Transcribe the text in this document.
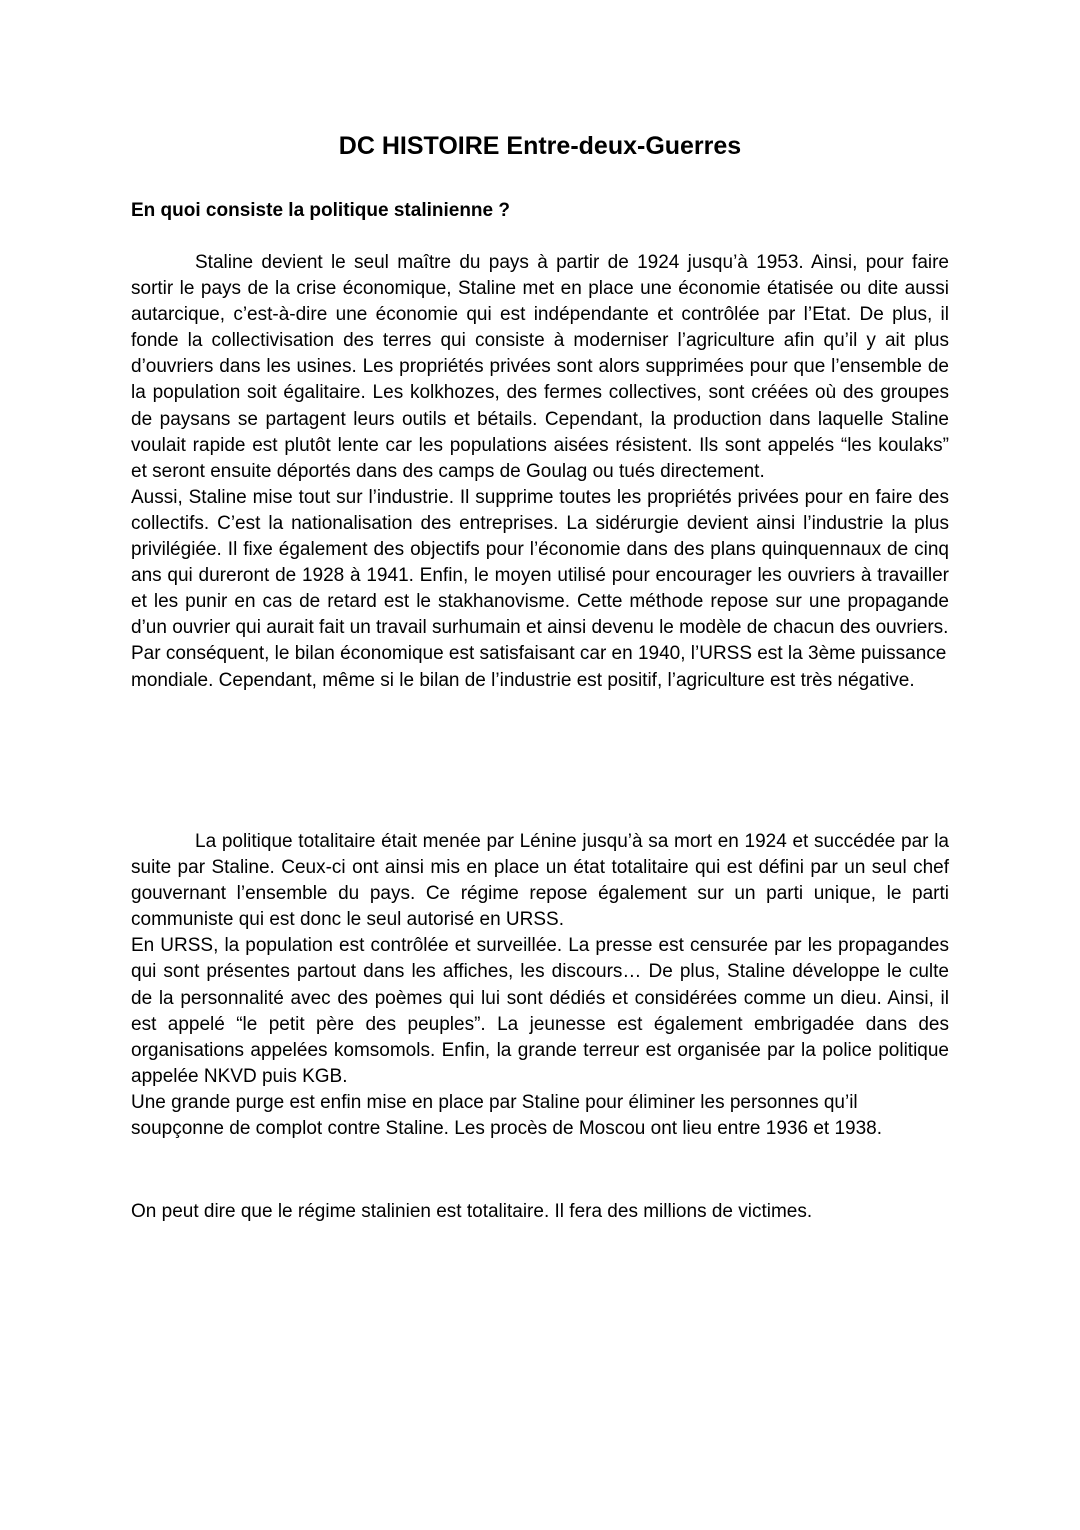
DC HISTOIRE Entre-deux-Guerres
En quoi consiste la politique stalinienne ?

Staline devient le seul maître du pays à partir de 1924 jusqu’à 1953. Ainsi, pour faire sortir le pays de la crise économique, Staline met en place une économie étatisée ou dite aussi autarcique, c’est-à-dire une économie qui est indépendante et contrôlée par l’Etat. De plus, il fonde la collectivisation des terres qui consiste à moderniser l’agriculture afin qu’il y ait plus d’ouvriers dans les usines. Les propriétés privées sont alors supprimées pour que l’ensemble de la population soit égalitaire. Les kolkhozes, des fermes collectives, sont créées où des groupes de paysans se partagent leurs outils et bétails. Cependant, la production dans laquelle Staline voulait rapide est plutôt lente car les populations aisées résistent. Ils sont appelés “les koulaks” et seront ensuite déportés dans des camps de Goulag ou tués directement.

Aussi, Staline mise tout sur l’industrie. Il supprime toutes les propriétés privées pour en faire des collectifs. C’est la nationalisation des entreprises. La sidérurgie devient ainsi l’industrie la plus privilégiée. Il fixe également des objectifs pour l’économie dans des plans quinquennaux de cinq ans qui dureront de 1928 à 1941. Enfin, le moyen utilisé pour encourager les ouvriers à travailler et les punir en cas de retard est le stakhanovisme. Cette méthode repose sur une propagande d’un ouvrier qui aurait fait un travail surhumain et ainsi devenu le modèle de chacun des ouvriers.

Par conséquent, le bilan économique est satisfaisant car en 1940, l’URSS est la 3ème puissance mondiale. Cependant, même si le bilan de l’industrie est positif, l’agriculture est très négative.

La politique totalitaire était menée par Lénine jusqu’à sa mort en 1924 et succédée par la suite par Staline. Ceux-ci ont ainsi mis en place un état totalitaire qui est défini par un seul chef gouvernant l’ensemble du pays. Ce régime repose également sur un parti unique, le parti communiste qui est donc le seul autorisé en URSS.

En URSS, la population est contrôlée et surveillée. La presse est censurée par les propagandes qui sont présentes partout dans les affiches, les discours… De plus, Staline développe le culte de la personnalité avec des poèmes qui lui sont dédiés et considérées comme un dieu. Ainsi, il est appelé “le petit père des peuples”. La jeunesse est également embrigadée dans des organisations appelées komsomols. Enfin, la grande terreur est organisée par la police politique appelée NKVD puis KGB.

Une grande purge est enfin mise en place par Staline pour éliminer les personnes qu’il soupçonne de complot contre Staline. Les procès de Moscou ont lieu entre 1936 et 1938.

On peut dire que le régime stalinien est totalitaire. Il fera des millions de victimes.
